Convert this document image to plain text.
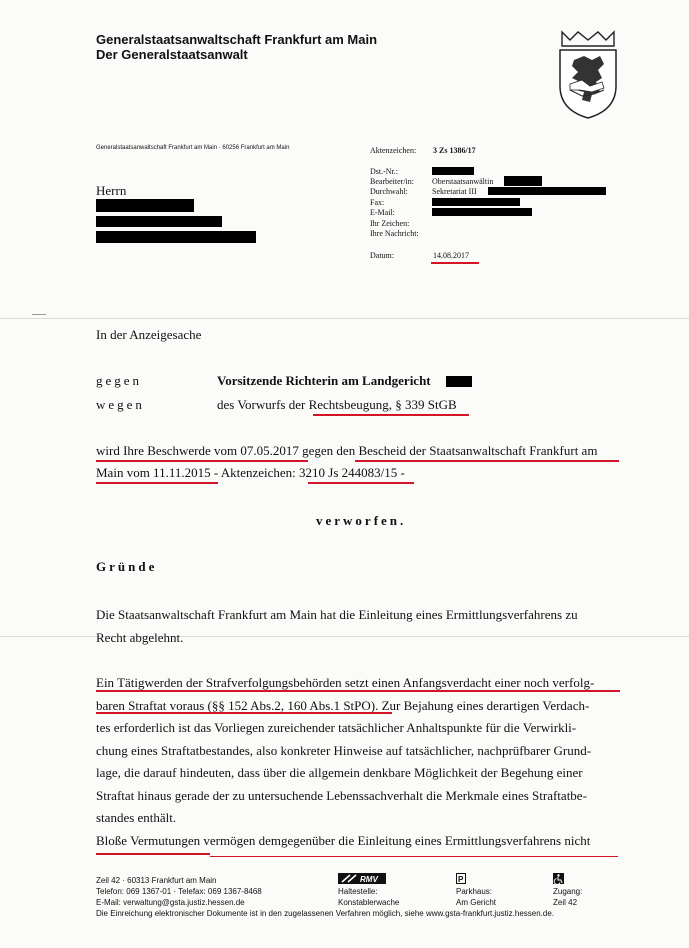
Generalstaatsanwaltschaft Frankfurt am Main
Der Generalstaatsanwalt
Generalstaatsanwaltschaft Frankfurt am Main · 60256 Frankfurt am Main
Herrn
Aktenzeichen: 3 Zs 1386/17
Dst.-Nr.:
Bearbeiter/in: Oberstaatsanwältin
Durchwahl:	Sekretariat III
Fax:
E-Mail:
Ihr Zeichen:
Ihre Nachricht:
Datum:	14.08.2017
In der Anzeigesache
gegen	Vorsitzende Richterin am Landgericht
wegen	des Vorwurfs der Rechtsbeugung, § 339 StGB
wird Ihre Beschwerde vom 07.05.2017 gegen den Bescheid der Staatsanwaltschaft Frankfurt am
Main vom 11.11.2015 - Aktenzeichen: 3210 Js 244083/15 -
verworfen.
Gründe
Die Staatsanwaltschaft Frankfurt am Main hat die Einleitung eines Ermittlungsverfahrens zu
Recht abgelehnt.
Ein Tätigwerden der Strafverfolgungsbehörden setzt einen Anfangsverdacht einer noch verfolg-
baren Straftat voraus (§§ 152 Abs.2, 160 Abs.1 StPO). Zur Bejahung eines derartigen Verdach-
tes erforderlich ist das Vorliegen zureichender tatsächlicher Anhaltspunkte für die Verwirkli-
chung eines Straftatbestandes, also konkreter Hinweise auf tatsächlicher, nachprüfbarer Grund-
lage, die darauf hindeuten, dass über die allgemein denkbare Möglichkeit der Begehung einer
Straftat hinaus gerade der zu untersuchende Lebenssachverhalt die Merkmale eines Straftatbe-
standes enthält.
Bloße Vermutungen vermögen demgegenüber die Einleitung eines Ermittlungsverfahrens nicht
Zeil 42 · 60313 Frankfurt am Main
Telefon: 069 1367-01 · Telefax: 069 1367-8468
E-Mail: verwaltung@gsta.justiz.hessen.de
RMV
Haltestelle:
Konstablerwache
P
Parkhaus:
Am Gericht
Zugang:
Zeil 42
Die Einreichung elektronischer Dokumente ist in den zugelassenen Verfahren möglich, siehe www.gsta-frankfurt.justiz.hessen.de.
